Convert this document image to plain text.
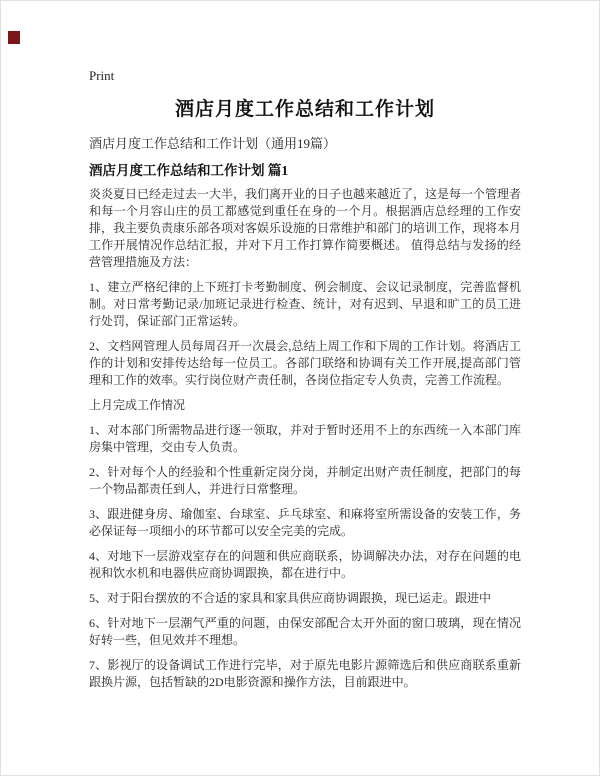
Print
酒店月度工作总结和工作计划

酒店月度工作总结和工作计划（通用19篇）

酒店月度工作总结和工作计划 篇1

炎炎夏日已经走过去一大半，我们离开业的日子也越来越近了，这是每一个管理者和每一个月容山庄的员工都感觉到重任在身的一个月。根据酒店总经理的工作安排，我主要负责康乐部各项对客娱乐设施的日常维护和部门的培训工作，现将本月工作开展情况作总结汇报，并对下月工作打算作简要概述。 值得总结与发扬的经营管理措施及方法：

1、建立严格纪律的上下班打卡考勤制度、例会制度、会议记录制度，完善监督机制。对日常考勤记录/加班记录进行检查、统计，对有迟到、早退和旷工的员工进行处罚，保证部门正常运转。

2、文档网管理人员每周召开一次晨会,总结上周工作和下周的工作计划。将酒店工作的计划和安排传达给每一位员工。各部门联络和协调有关工作开展,提高部门管理和工作的效率。实行岗位财产责任制，各岗位指定专人负责，完善工作流程。

上月完成工作情况

1、对本部门所需物品进行逐一领取，并对于暂时还用不上的东西统一入本部门库房集中管理，交由专人负责。

2、针对每个人的经验和个性重新定岗分岗，并制定出财产责任制度，把部门的每一个物品都责任到人，并进行日常整理。

3、跟进健身房、瑜伽室、台球室、乒乓球室、和麻将室所需设备的安装工作，务必保证每一项细小的环节都可以安全完美的完成。

4、对地下一层游戏室存在的问题和供应商联系，协调解决办法，对存在问题的电视和饮水机和电器供应商协调跟换，都在进行中。

5、对于阳台摆放的不合适的家具和家具供应商协调跟换，现已运走。跟进中

6、针对地下一层潮气严重的问题，由保安部配合太开外面的窗口玻璃，现在情况好转一些，但见效并不理想。

7、影视厅的设备调试工作进行完毕，对于原先电影片源筛选后和供应商联系重新跟换片源，包括暂缺的2D电影资源和操作方法，目前跟进中。
